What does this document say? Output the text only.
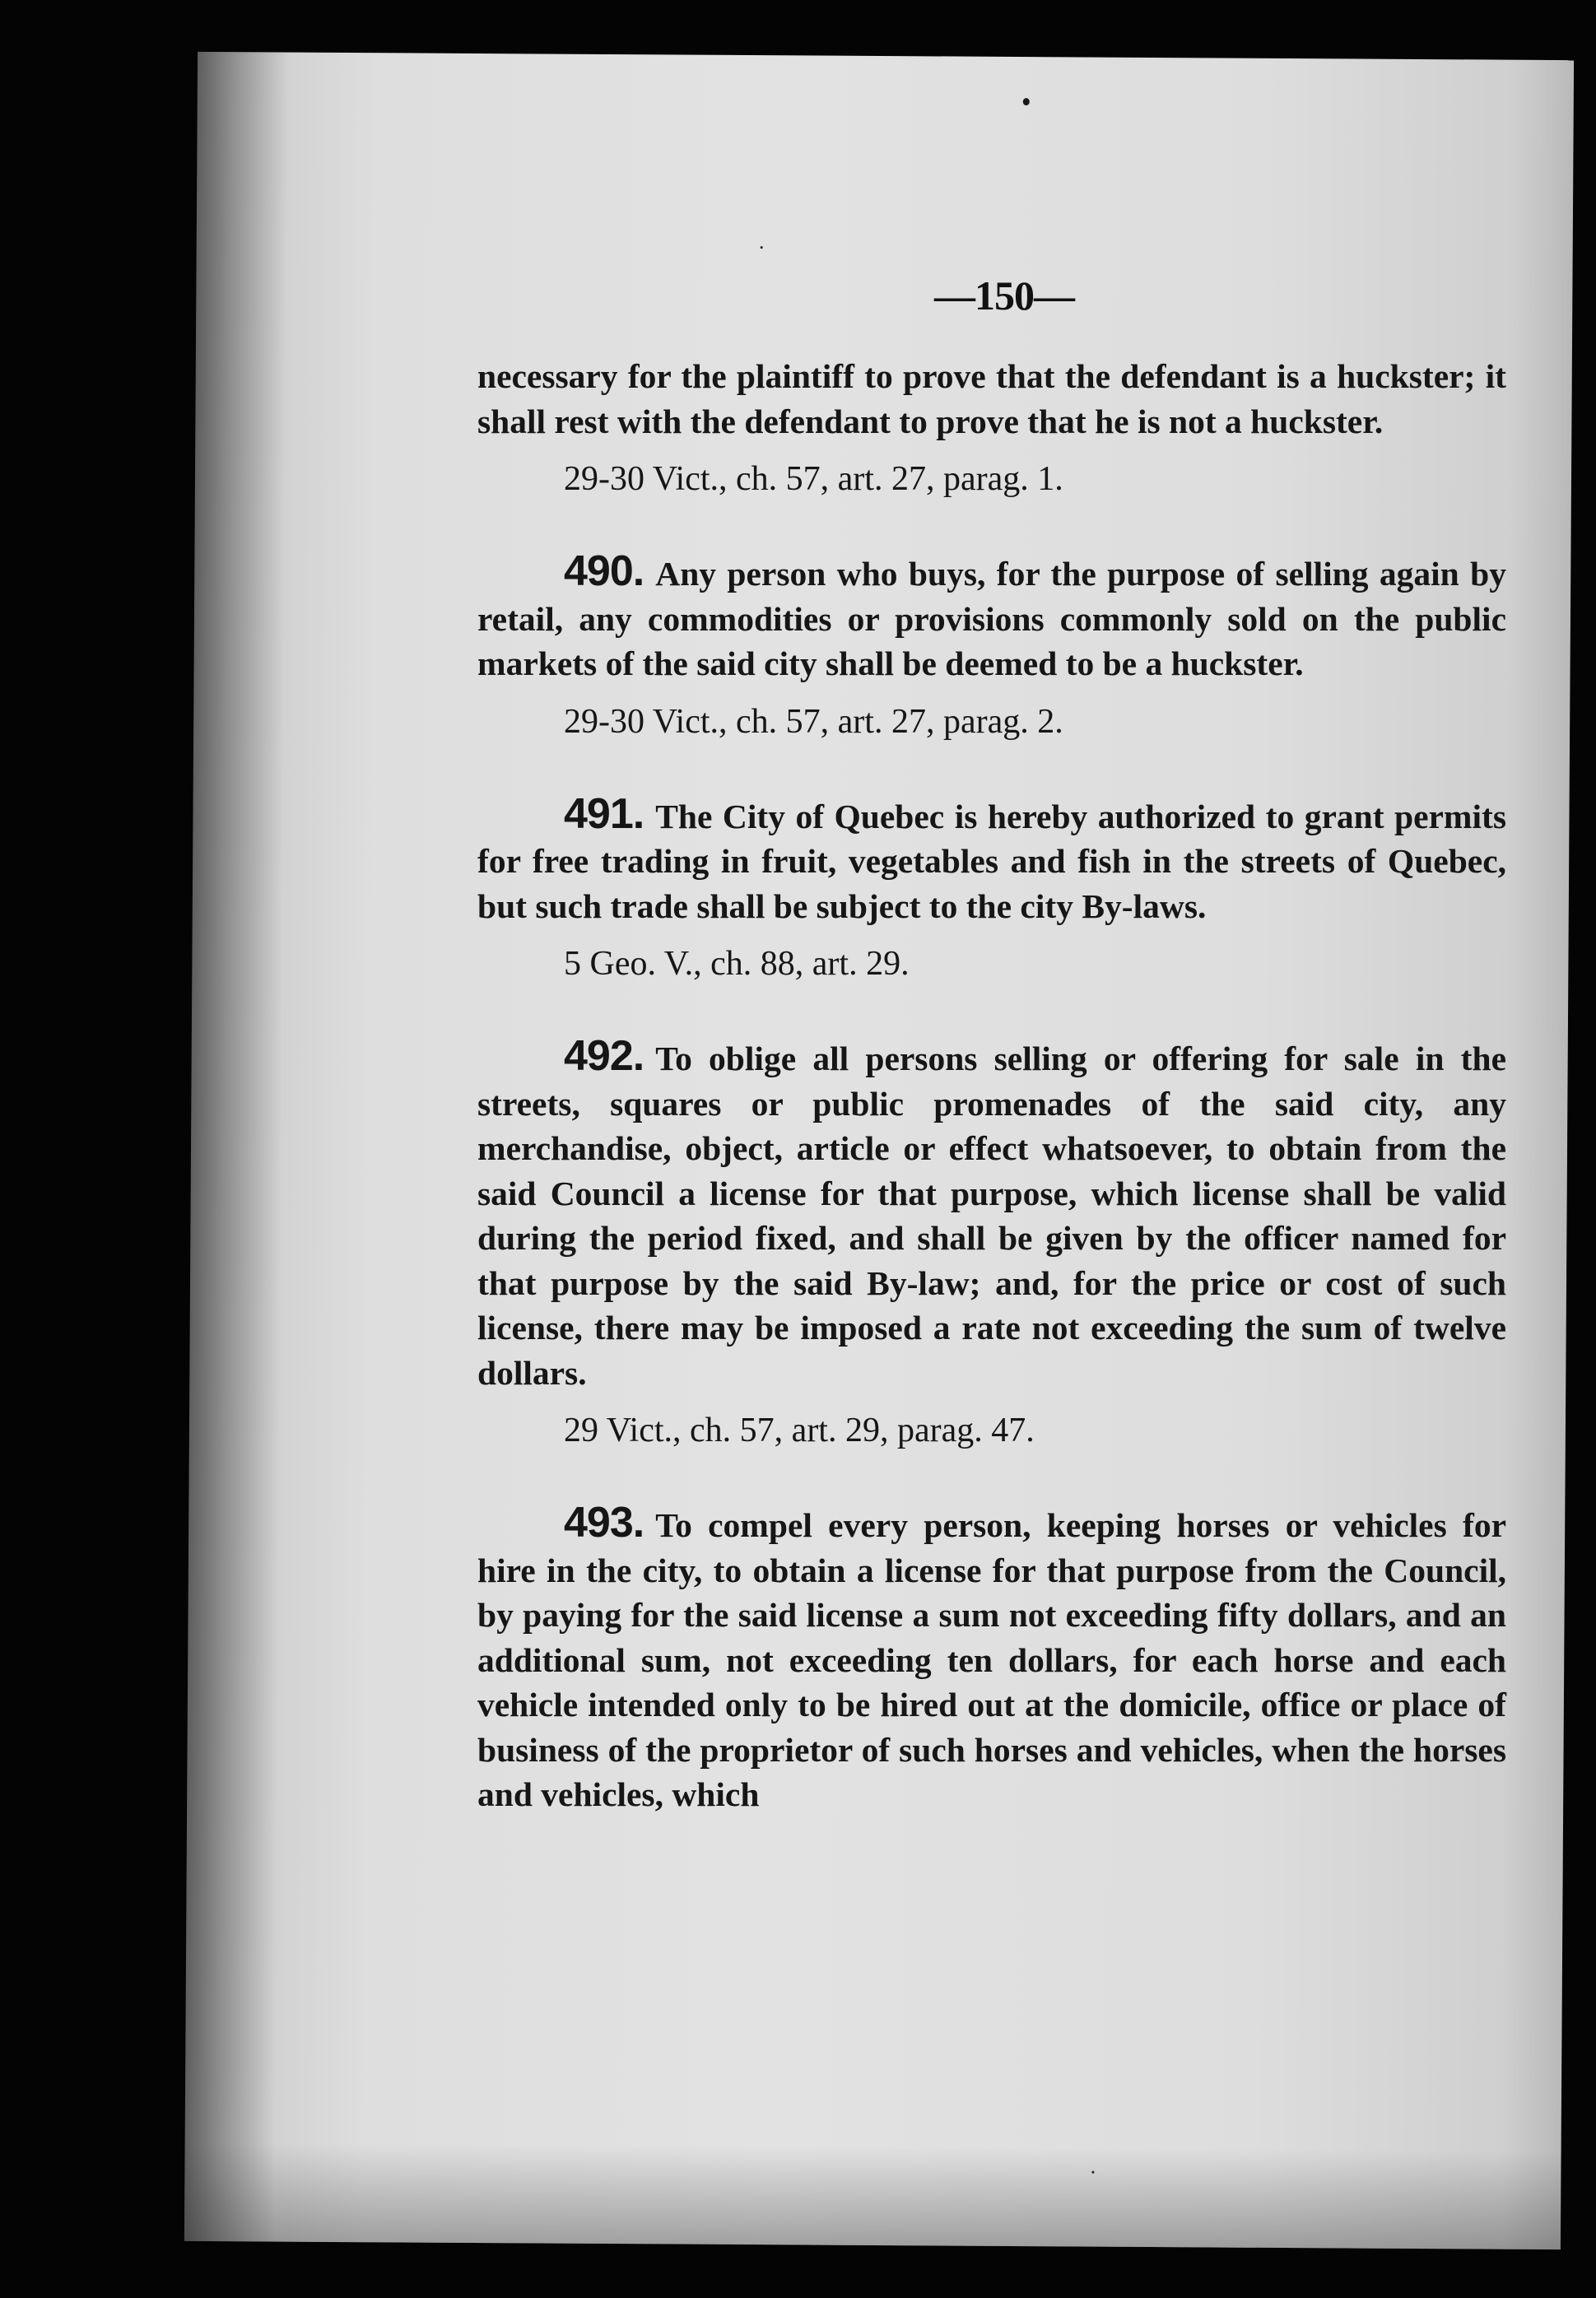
—150—

necessary for the plaintiff to prove that the defendant is a huckster; it shall rest with the defendant to prove that he is not a huckster.

29-30 Vict., ch. 57, art. 27, parag. 1.

490. Any person who buys, for the purpose of selling again by retail, any commodities or provisions commonly sold on the public markets of the said city shall be deemed to be a huckster.

29-30 Vict., ch. 57, art. 27, parag. 2.

491. The City of Quebec is hereby authorized to grant permits for free trading in fruit, vegetables and fish in the streets of Quebec, but such trade shall be subject to the city By-laws.

5 Geo. V., ch. 88, art. 29.

492. To oblige all persons selling or offering for sale in the streets, squares or public promenades of the said city, any merchandise, object, article or effect whatsoever, to obtain from the said Council a license for that purpose, which license shall be valid during the period fixed, and shall be given by the officer named for that purpose by the said By-law; and, for the price or cost of such license, there may be imposed a rate not exceeding the sum of twelve dollars.

29 Vict., ch. 57, art. 29, parag. 47.

493. To compel every person, keeping horses or vehicles for hire in the city, to obtain a license for that purpose from the Council, by paying for the said license a sum not exceeding fifty dollars, and an additional sum, not exceeding ten dollars, for each horse and each vehicle intended only to be hired out at the domicile, office or place of business of the proprietor of such horses and vehicles, when the horses and vehicles, which
